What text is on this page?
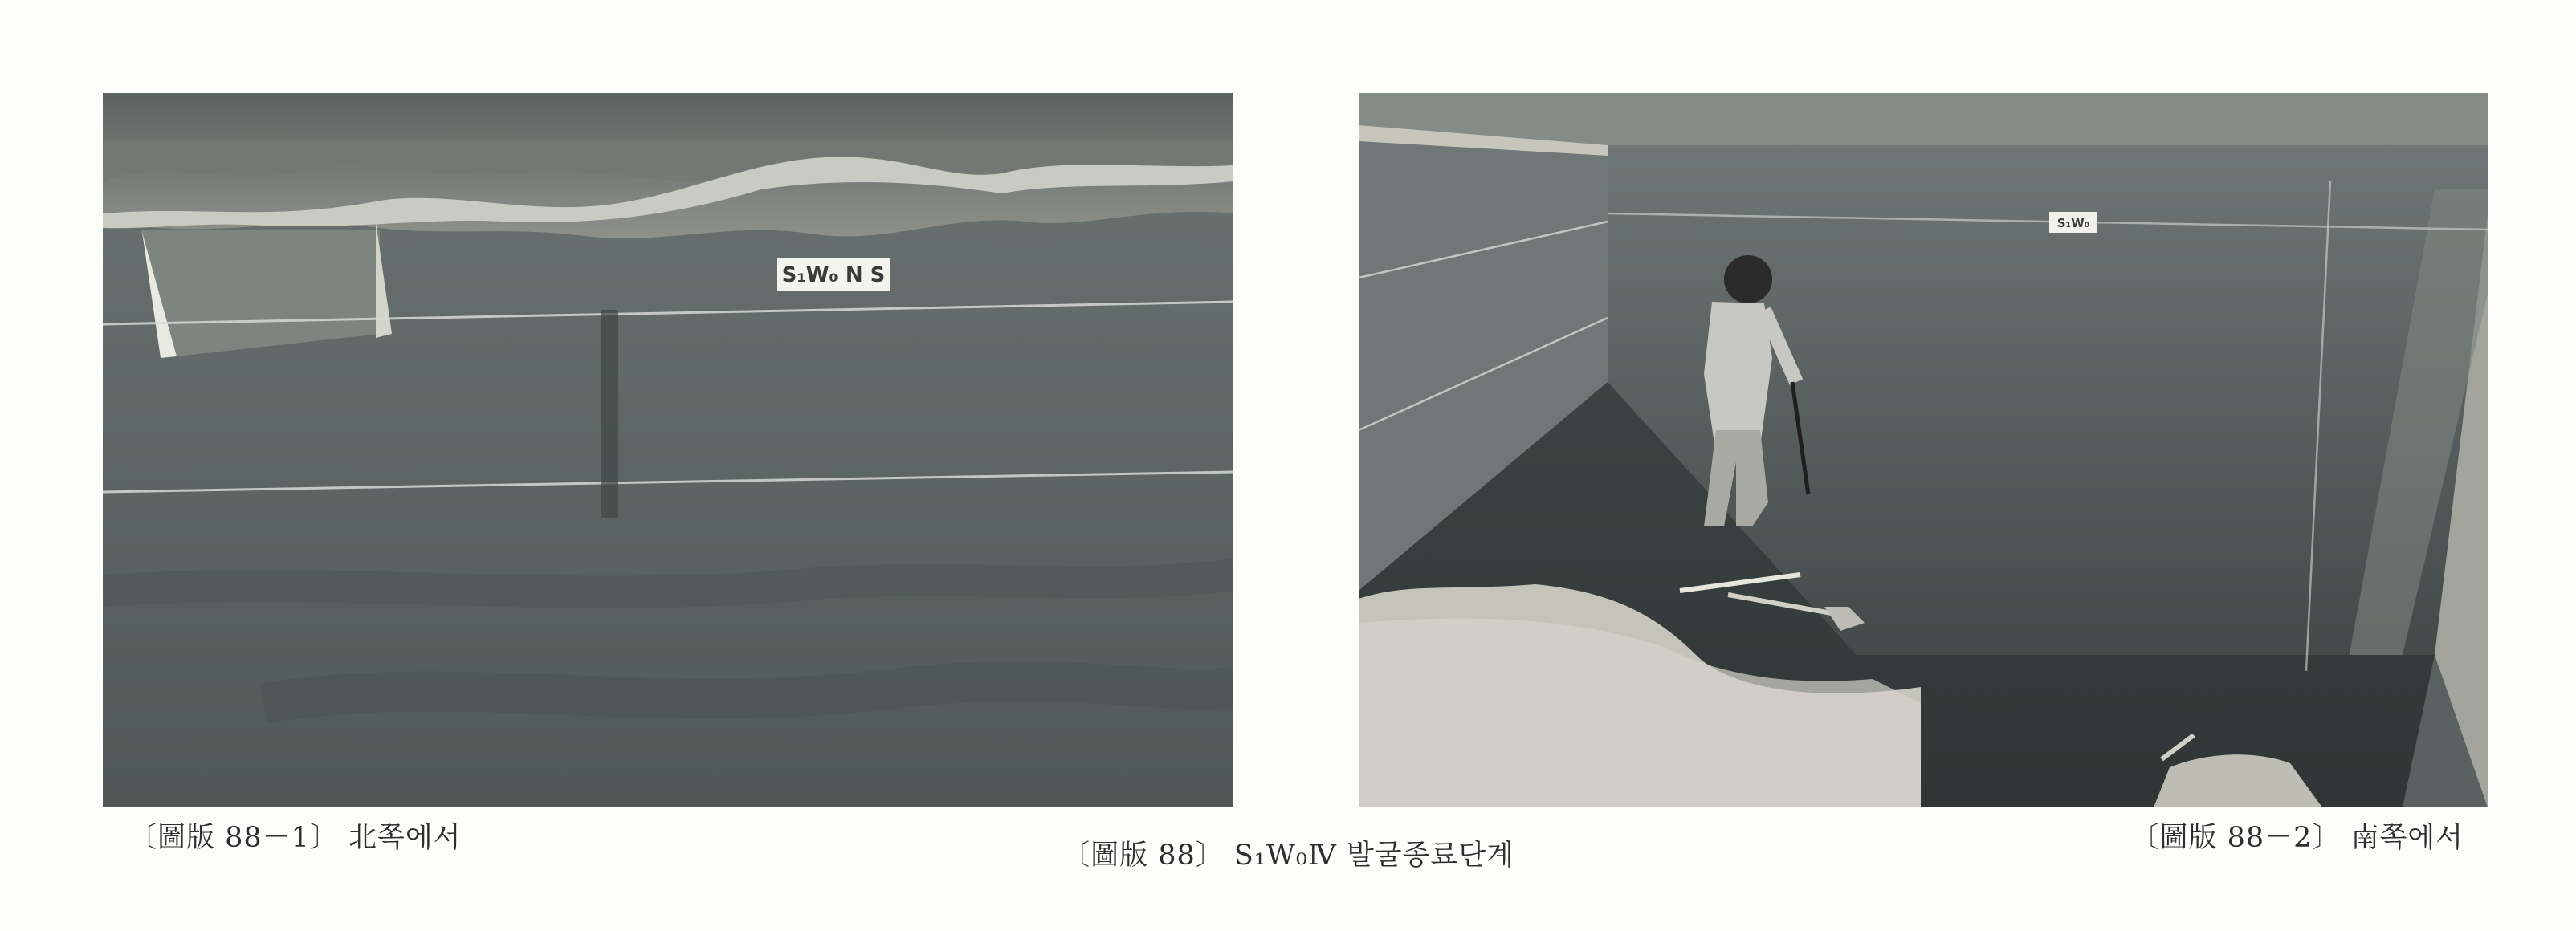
S₁W₀ N S
S₁W₀
〔圖版 88－1〕 北쪽에서	〔圖版 88－2〕 南쪽에서
〔圖版 88〕 S₁W₀Ⅳ 발굴종료단계
